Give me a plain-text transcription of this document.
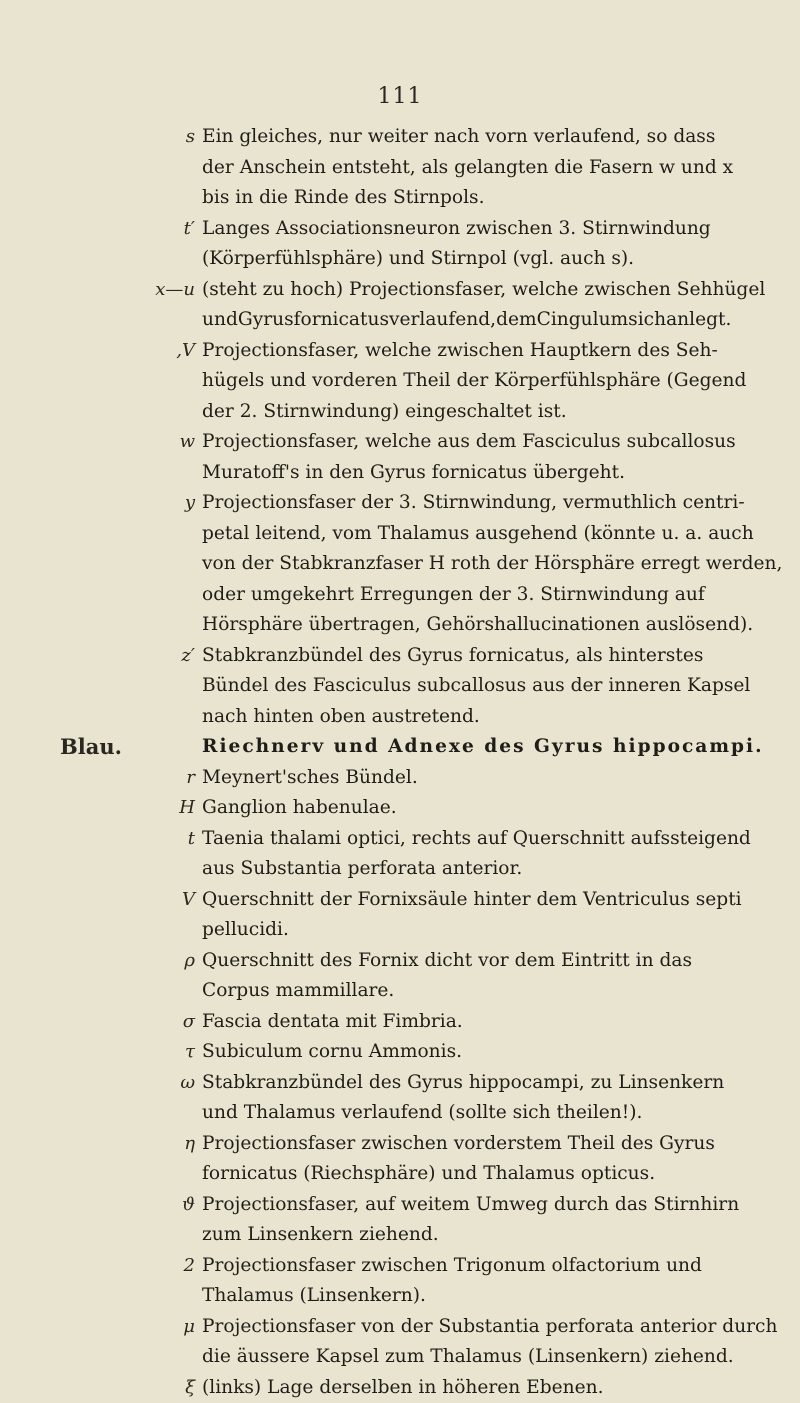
111
s Ein gleiches, nur weiter nach vorn verlaufend, so dass
der Anschein entsteht, als gelangten die Fasern w und x
bis in die Rinde des Stirnpols.
t′ Langes Associationsneuron zwischen 3. Stirnwindung
(Körperfühlsphäre) und Stirnpol (vgl. auch s).
x—u (steht zu hoch) Projectionsfaser, welche zwischen Sehhügel
undGyrusfornicatusverlaufend,demCingulumsichanlegt.
,V Projectionsfaser, welche zwischen Hauptkern des Seh-
hügels und vorderen Theil der Körperfühlsphäre (Gegend
der 2. Stirnwindung) eingeschaltet ist.
w Projectionsfaser, welche aus dem Fasciculus subcallosus
Muratoff's in den Gyrus fornicatus übergeht.
y Projectionsfaser der 3. Stirnwindung, vermuthlich centri-
petal leitend, vom Thalamus ausgehend (könnte u. a. auch
von der Stabkranzfaser H roth der Hörsphäre erregt werden,
oder umgekehrt Erregungen der 3. Stirnwindung auf
Hörsphäre übertragen, Gehörshallucinationen auslösend).
z′ Stabkranzbündel des Gyrus fornicatus, als hinterstes
Bündel des Fasciculus subcallosus aus der inneren Kapsel
nach hinten oben austretend.
Blau.	Riechnerv und Adnexe des Gyrus hippocampi.
r Meynert'sches Bündel.
H Ganglion habenulae.
t Taenia thalami optici, rechts auf Querschnitt aufssteigend
aus Substantia perforata anterior.
V Querschnitt der Fornixsäule hinter dem Ventriculus septi
pellucidi.
ρ Querschnitt des Fornix dicht vor dem Eintritt in das
Corpus mammillare.
σ Fascia dentata mit Fimbria.
τ Subiculum cornu Ammonis.
ω Stabkranzbündel des Gyrus hippocampi, zu Linsenkern
und Thalamus verlaufend (sollte sich theilen!).
η Projectionsfaser zwischen vorderstem Theil des Gyrus
fornicatus (Riechsphäre) und Thalamus opticus.
ϑ Projectionsfaser, auf weitem Umweg durch das Stirnhirn
zum Linsenkern ziehend.
2 Projectionsfaser zwischen Trigonum olfactorium und
Thalamus (Linsenkern).
μ Projectionsfaser von der Substantia perforata anterior durch
die äussere Kapsel zum Thalamus (Linsenkern) ziehend.
ξ (links) Lage derselben in höheren Ebenen.
